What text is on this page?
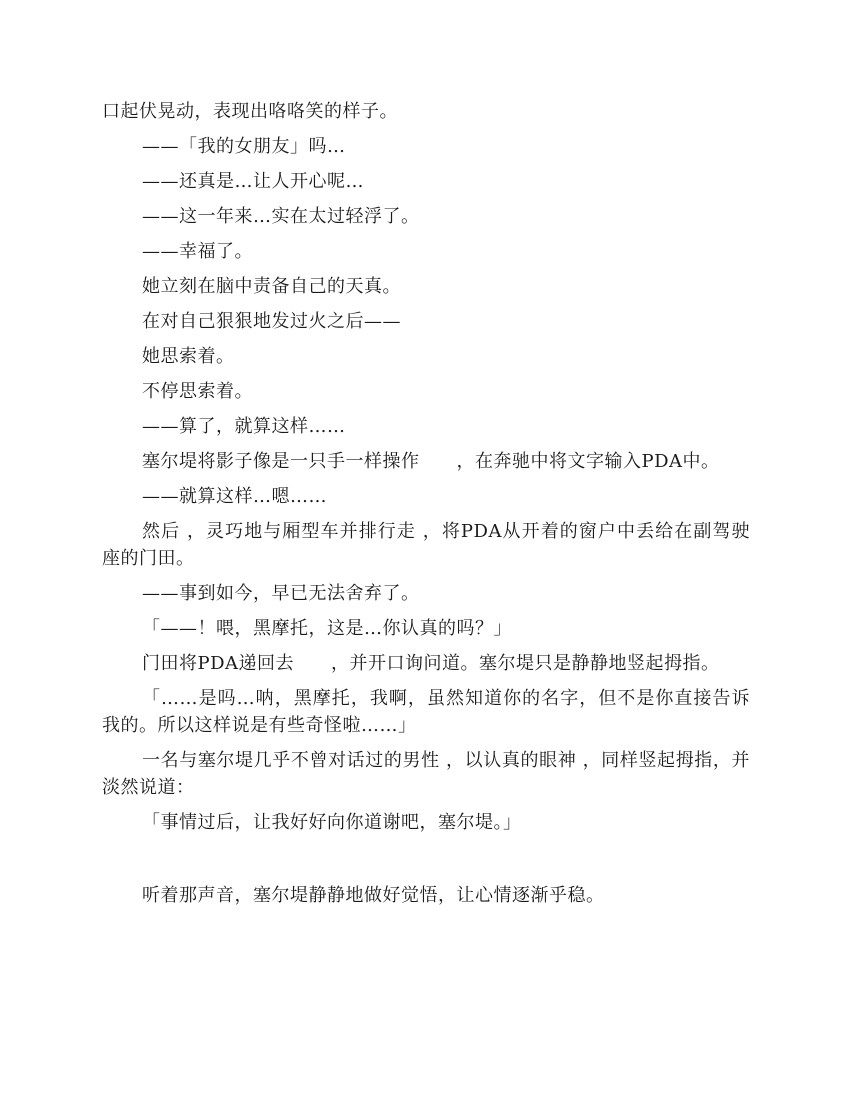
口起伏晃动，表现出咯咯笑的样子。

——「我的女朋友」吗…

——还真是…让人开心呢…

——这一年来…实在太过轻浮了。

——幸福了。

她立刻在脑中责备自己的天真。

在对自己狠狠地发过火之后——

她思索着。

不停思索着。

——算了，就算这样……

塞尔堤将影子像是一只手一样操作　　，在奔驰中将文字输入PDA中。

——就算这样…嗯……

然后 ，灵巧地与厢型车并排行走 ，将PDA从开着的窗户中丢给在副驾驶座的门田。

——事到如今，早已无法舍弃了。

「——！喂，黑摩托，这是…你认真的吗？」

门田将PDA递回去　　，并开口询问道。塞尔堤只是静静地竖起拇指。

「……是吗…呐，黑摩托，我啊，虽然知道你的名字，但不是你直接告诉我的。所以这样说是有些奇怪啦……」

一名与塞尔堤几乎不曾对话过的男性 ，以认真的眼神 ，同样竖起拇指，并淡然说道：

「事情过后，让我好好向你道谢吧，塞尔堤。」

听着那声音，塞尔堤静静地做好觉悟，让心情逐渐乎稳。
